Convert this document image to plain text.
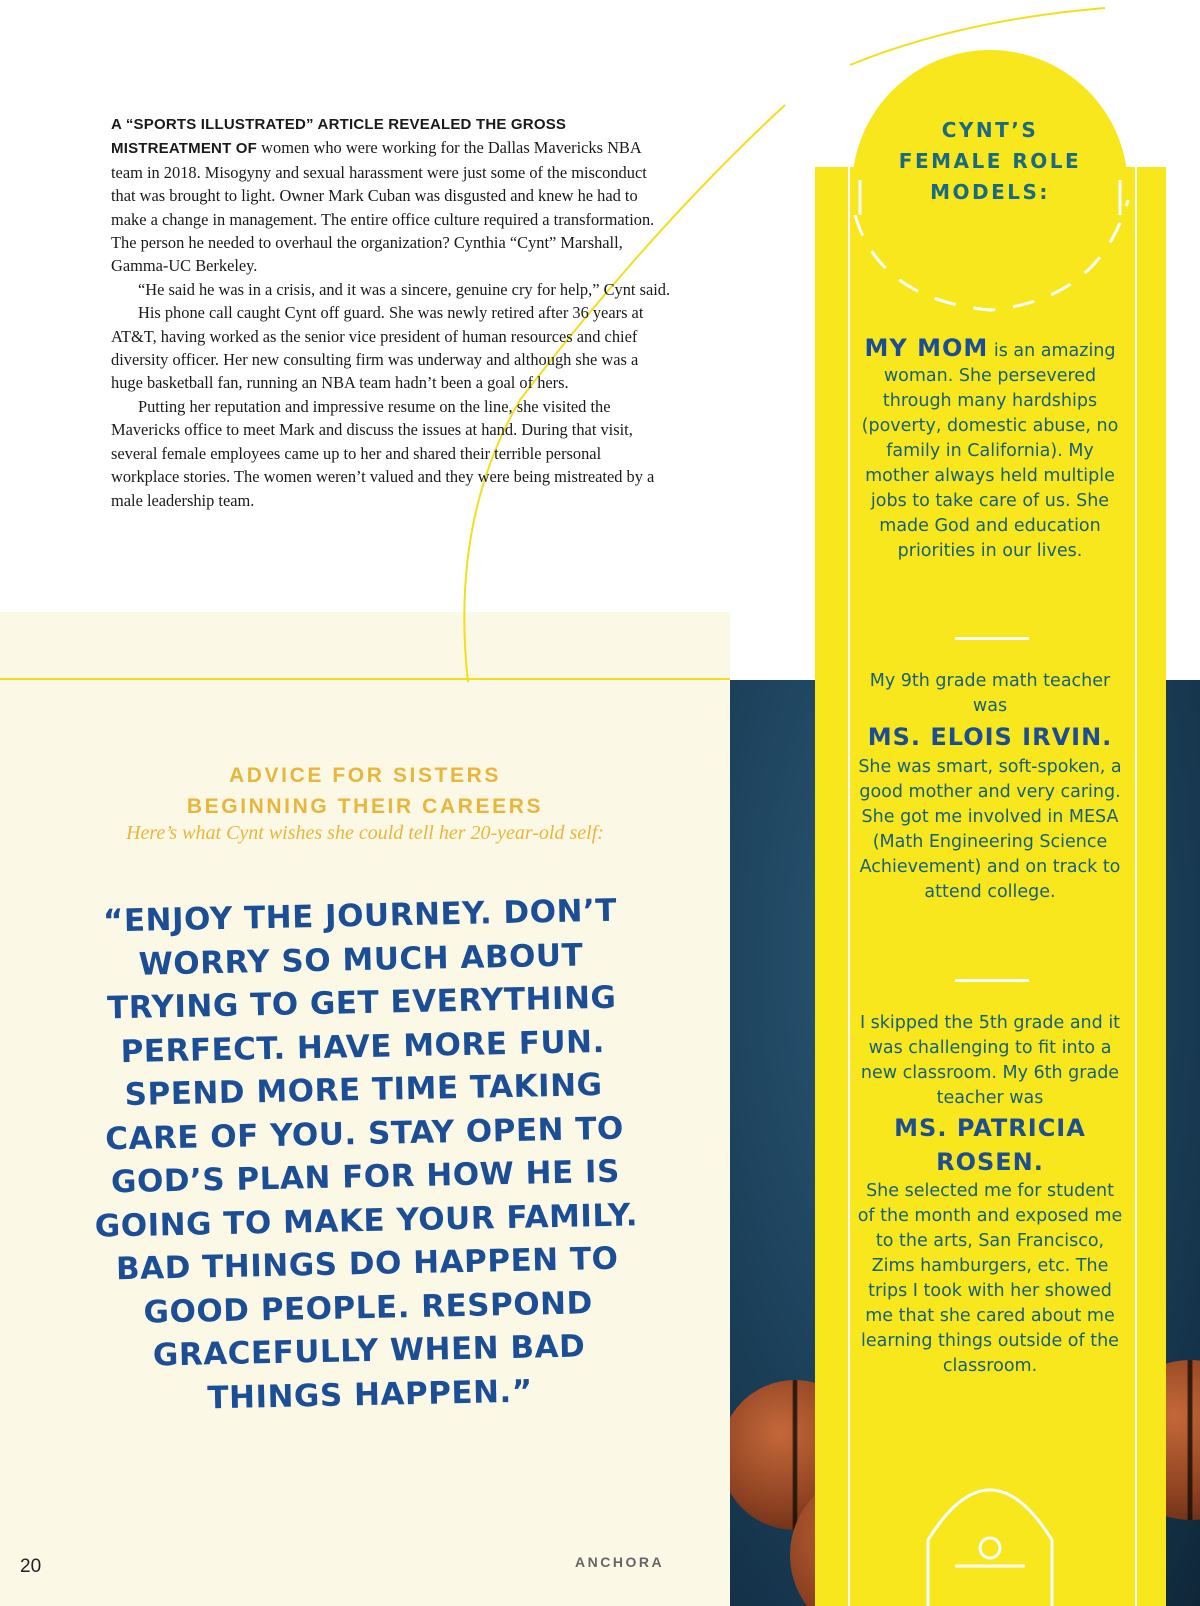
A “SPORTS ILLUSTRATED” ARTICLE REVEALED THE GROSS MISTREATMENT OF women who were working for the Dallas Mavericks NBA team in 2018. Misogyny and sexual harassment were just some of the misconduct that was brought to light. Owner Mark Cuban was disgusted and knew he had to make a change in management. The entire office culture required a transformation. The person he needed to overhaul the organization? Cynthia “Cynt” Marshall, Gamma-UC Berkeley.

“He said he was in a crisis, and it was a sincere, genuine cry for help,” Cynt said.

His phone call caught Cynt off guard. She was newly retired after 36 years at AT&T, having worked as the senior vice president of human resources and chief diversity officer. Her new consulting firm was underway and although she was a huge basketball fan, running an NBA team hadn’t been a goal of hers.

Putting her reputation and impressive resume on the line, she visited the Mavericks office to meet Mark and discuss the issues at hand. During that visit, several female employees came up to her and shared their terrible personal workplace stories. The women weren’t valued and they were being mistreated by a male leadership team.

ADVICE FOR SISTERS
BEGINNING THEIR CAREERS
Here’s what Cynt wishes she could tell her 20-year-old self:
“ENJOY THE JOURNEY. DON’T WORRY SO MUCH ABOUT TRYING TO GET EVERYTHING PERFECT. HAVE MORE FUN. SPEND MORE TIME TAKING CARE OF YOU. STAY OPEN TO GOD’S PLAN FOR HOW HE IS GOING TO MAKE YOUR FAMILY. BAD THINGS DO HAPPEN TO GOOD PEOPLE. RESPOND GRACEFULLY WHEN BAD THINGS HAPPEN.”
CYNT’S
FEMALE ROLE
MODELS:

MY MOM is an amazing woman. She persevered through many hardships (poverty, domestic abuse, no family in California). My mother always held multiple jobs to take care of us. She made God and education priorities in our lives.

My 9th grade math teacher was

MS. ELOIS IRVIN.

She was smart, soft-spoken, a good mother and very caring. She got me involved in MESA (Math Engineering Science Achievement) and on track to attend college.

I skipped the 5th grade and it was challenging to fit into a new classroom. My 6th grade teacher was

MS. PATRICIA ROSEN.

She selected me for student of the month and exposed me to the arts, San Francisco, Zims hamburgers, etc. The trips I took with her showed me that she cared about me learning things outside of the classroom.

20	ANCHORA
